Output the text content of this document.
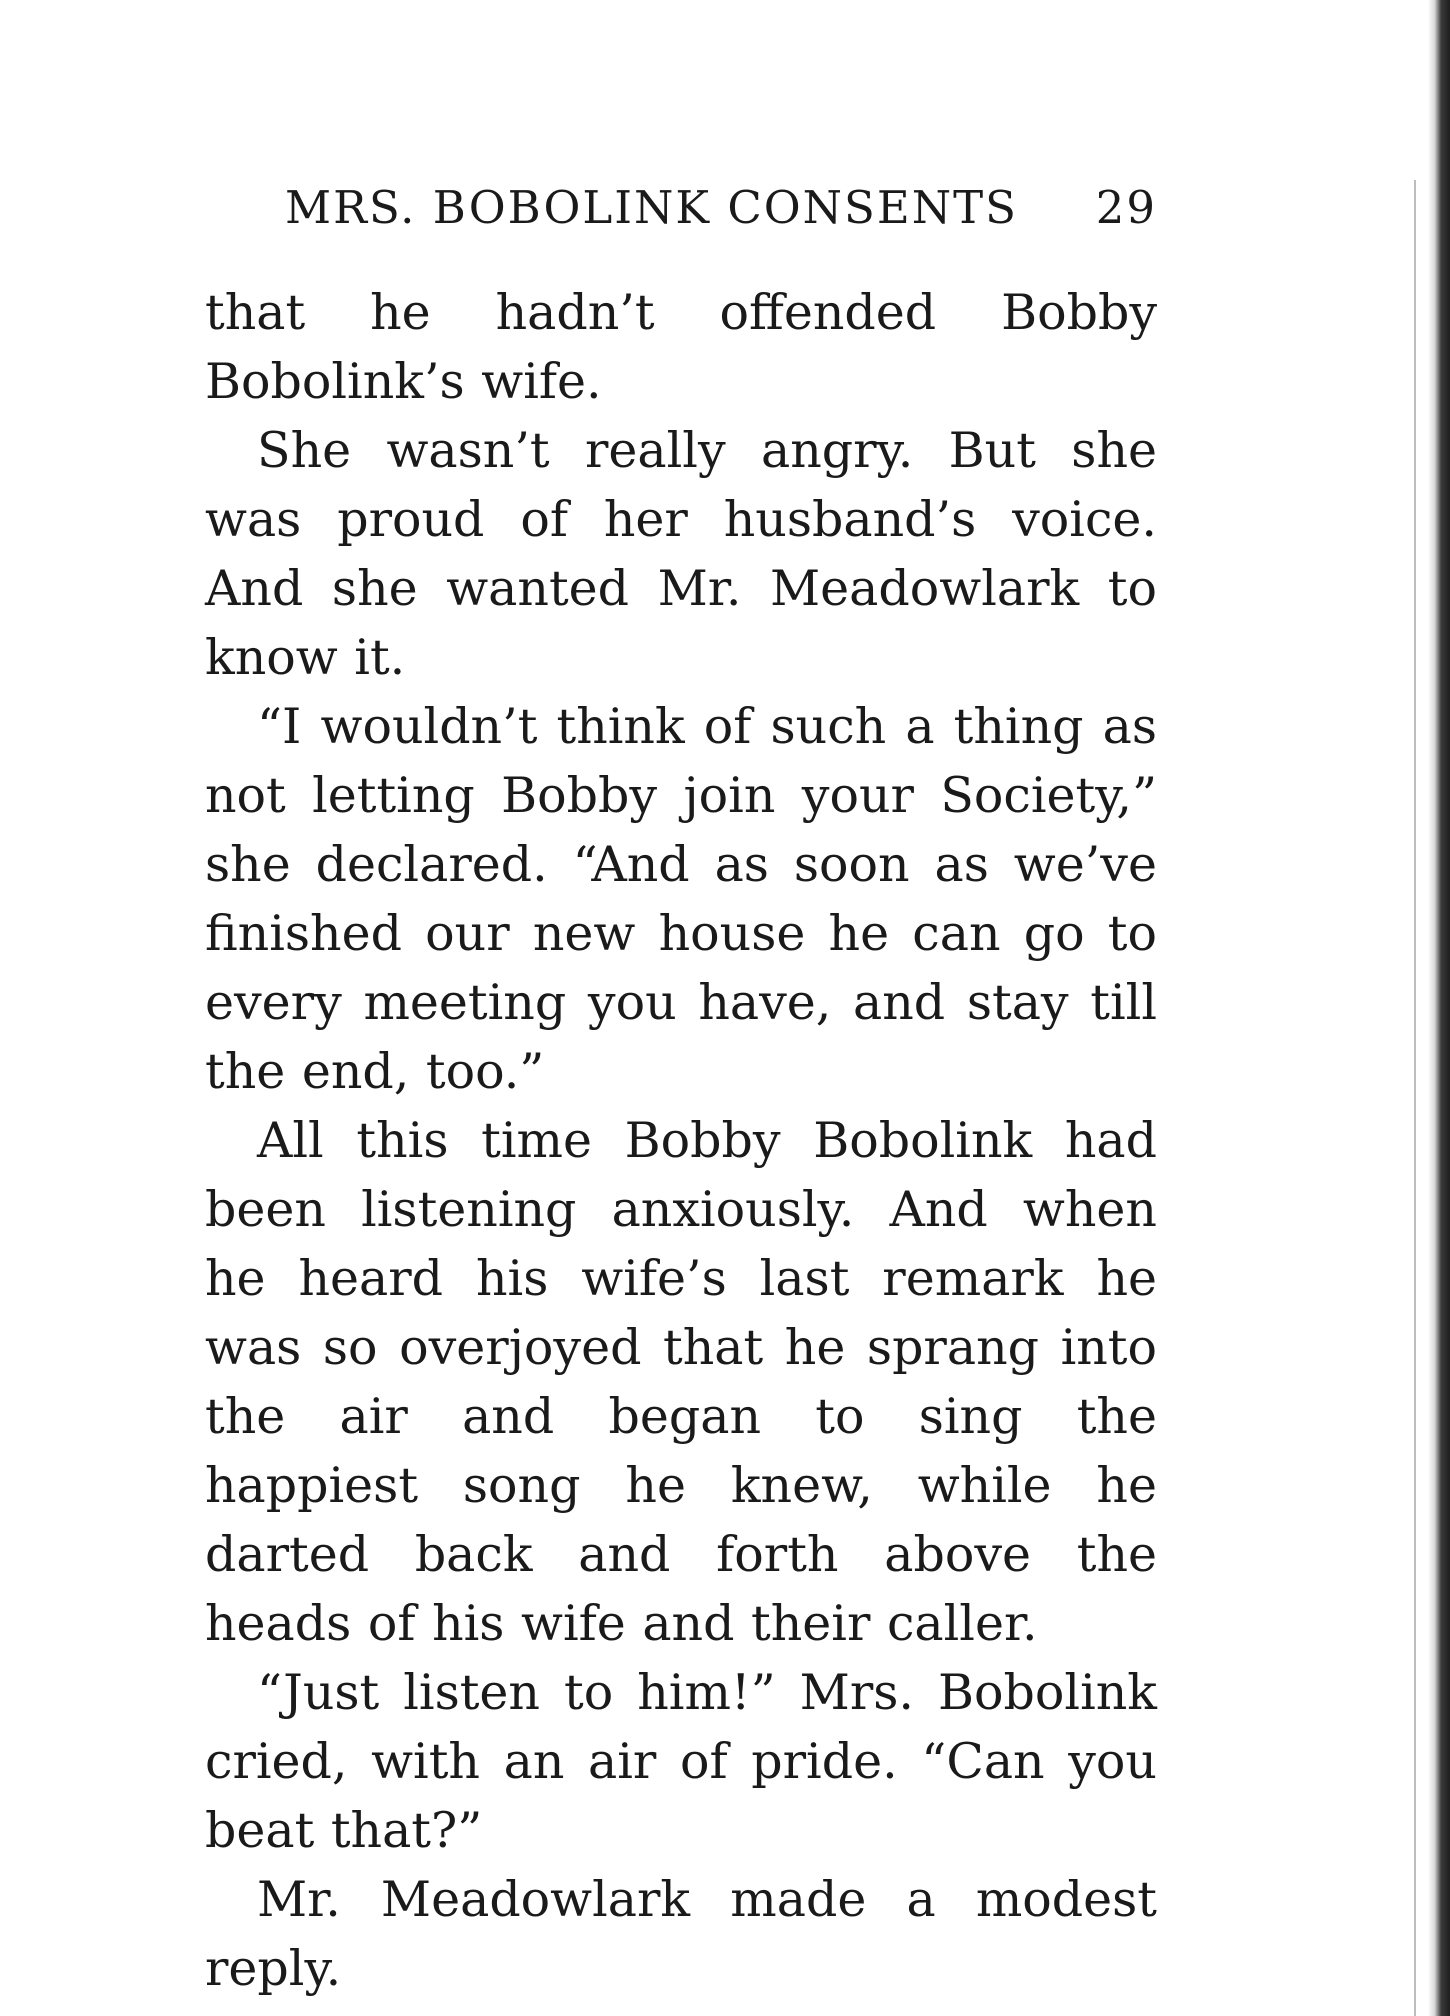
MRS. BOBOLINK CONSENTS 29

that he hadn’t offended Bobby Bobolink’s wife.

She wasn’t really angry. But she was proud of her husband’s voice. And she wanted Mr. Meadowlark to know it.

“I wouldn’t think of such a thing as not letting Bobby join your Society,” she declared. “And as soon as we’ve finished our new house he can go to every meeting you have, and stay till the end, too.”

All this time Bobby Bobolink had been listening anxiously. And when he heard his wife’s last remark he was so overjoyed that he sprang into the air and began to sing the happiest song he knew, while he darted back and forth above the heads of his wife and their caller.

“Just listen to him!” Mrs. Bobolink cried, with an air of pride. “Can you beat that?”

Mr. Meadowlark made a modest reply.
